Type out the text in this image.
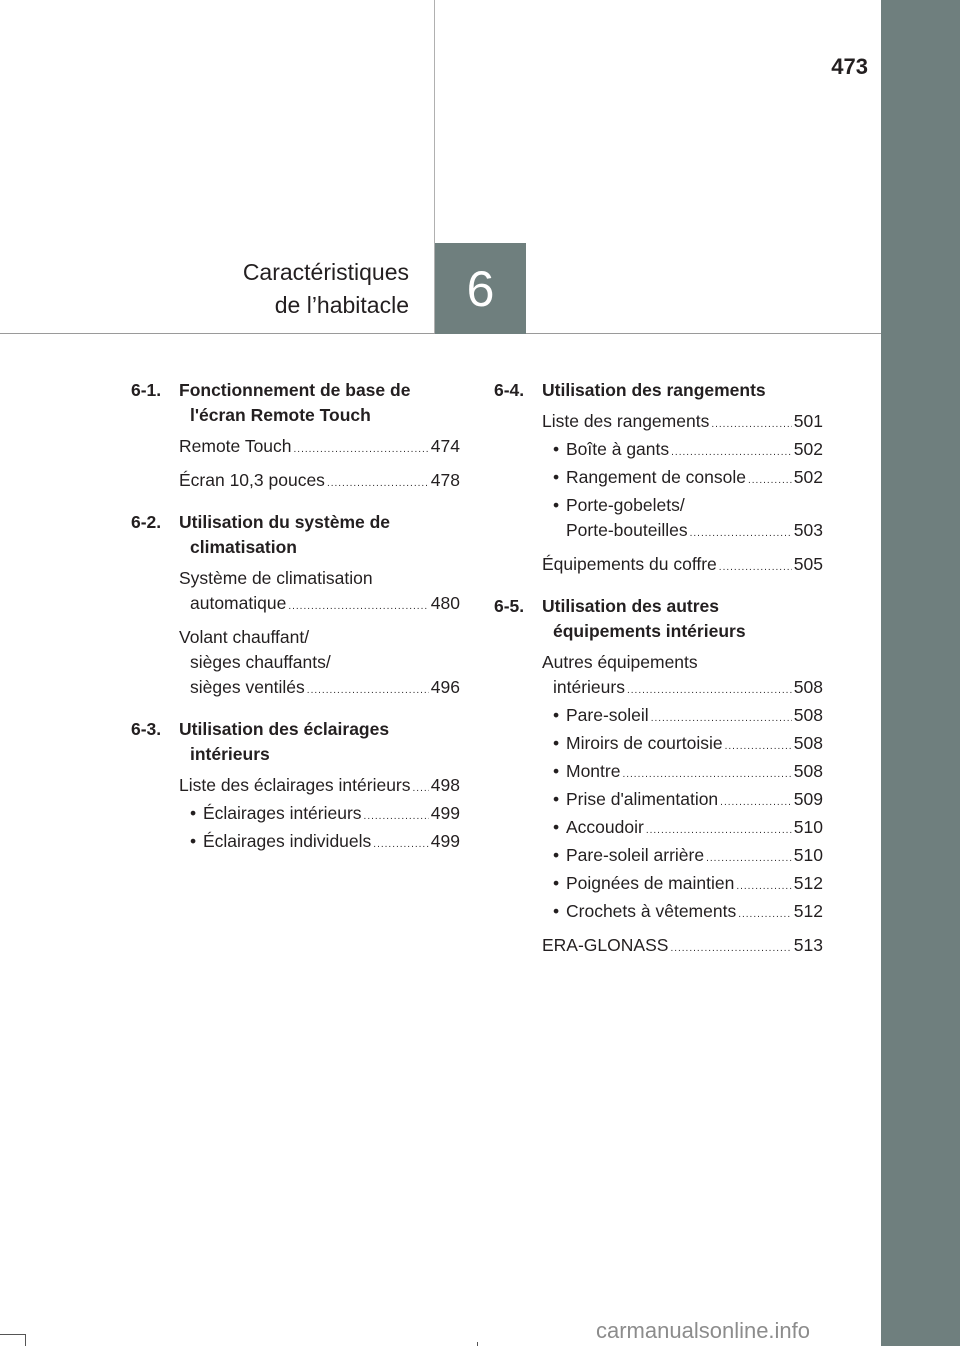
473
Caractéristiques
de l’habitacle 6
6-1. Fonctionnement de base de
l'écran Remote Touch
Remote Touch .....	474
Écran 10,3 pouces .....	478
6-2. Utilisation du système de
climatisation
Système de climatisation
automatique .....	480
Volant chauffant/
sièges chauffants/
sièges ventilés .....	496
6-3. Utilisation des éclairages
intérieurs
Liste des éclairages intérieurs ..... 498
• Éclairages intérieurs .....	499
• Éclairages individuels .....	499
6-4. Utilisation des rangements
Liste des rangements .....	501
• Boîte à gants .....	502
• Rangement de console .....	502
• Porte-gobelets/
Porte-bouteilles .....	503
Équipements du coffre .....	505
6-5. Utilisation des autres
équipements intérieurs
Autres équipements
intérieurs .....	508
• Pare-soleil .....	508
• Miroirs de courtoisie .....	508
• Montre .....	508
• Prise d'alimentation .....	509
• Accoudoir .....	510
• Pare-soleil arrière .....	510
• Poignées de maintien .....	512
• Crochets à vêtements .....	512
ERA-GLONASS .....	513
carmanualsonline.info
